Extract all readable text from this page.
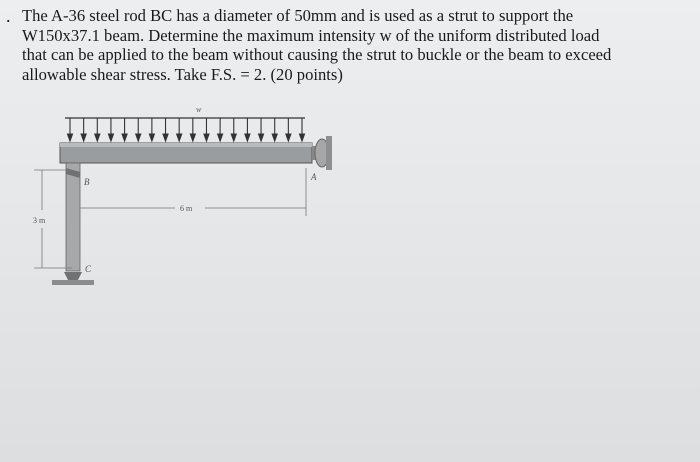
. The A-36 steel rod BC has a diameter of 50mm and is used as a strut to support the
W150x37.1 beam. Determine the maximum intensity w of the uniform distributed load
that can be applied to the beam without causing the strut to buckle or the beam to exceed
allowable shear stress. Take F.S. = 2. (20 points)

w
A
B
C
6 m
3 m
